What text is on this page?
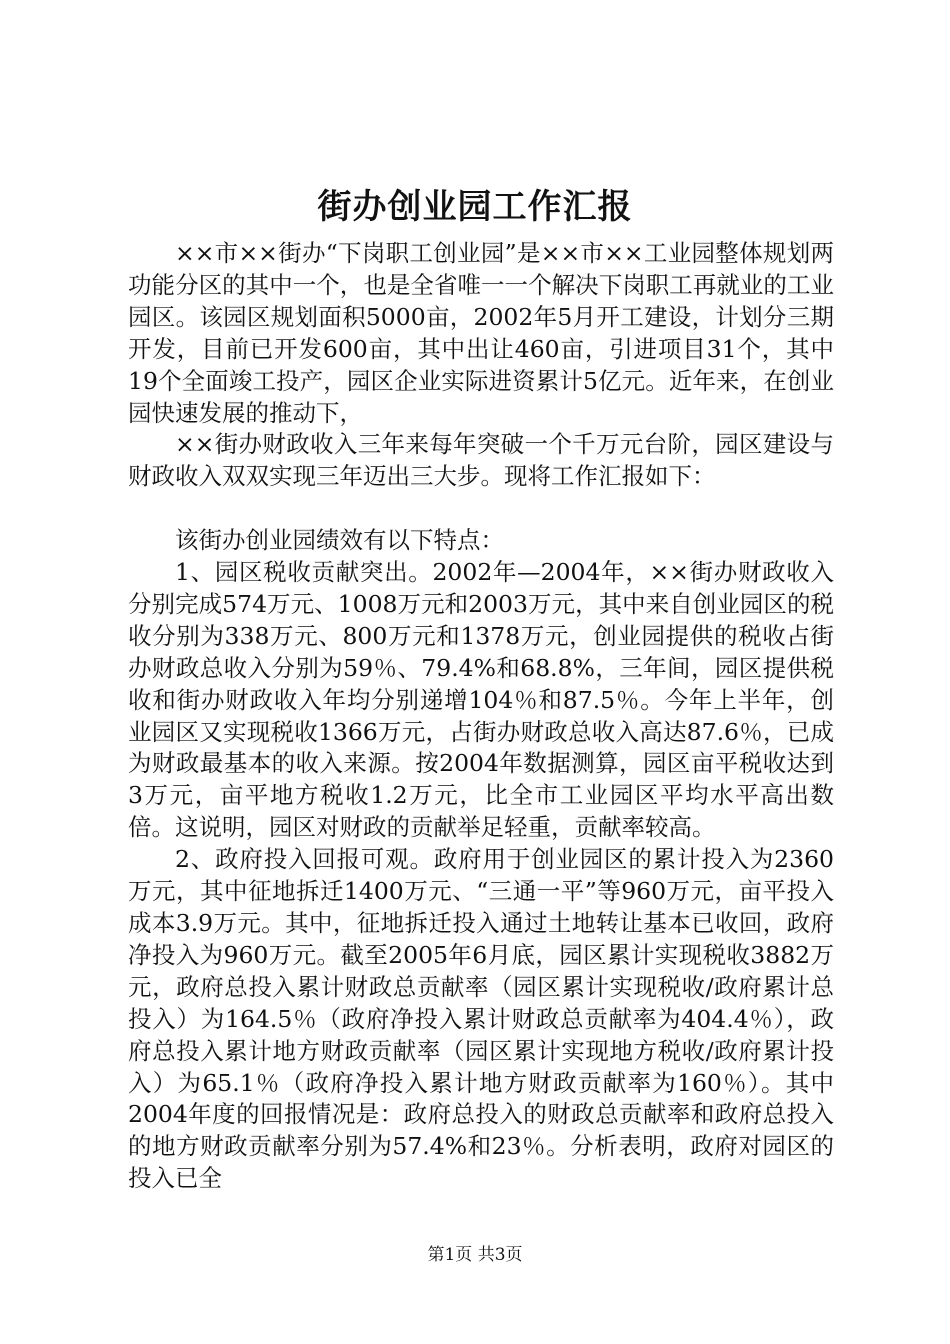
街办创业园工作汇报

××市××街办“下岗职工创业园”是××市××工业园整体规划两功能分区的其中一个，也是全省唯一一个解决下岗职工再就业的工业园区。该园区规划面积5000亩，2002年5月开工建设，计划分三期开发，目前已开发600亩，其中出让460亩，引进项目31个，其中19个全面竣工投产，园区企业实际进资累计5亿元。近年来，在创业园快速发展的推动下，

××街办财政收入三年来每年突破一个千万元台阶，园区建设与财政收入双双实现三年迈出三大步。现将工作汇报如下：

该街办创业园绩效有以下特点：

1、园区税收贡献突出。2002年—2004年，××街办财政收入分别完成574万元、1008万元和2003万元，其中来自创业园区的税收分别为338万元、800万元和1378万元，创业园提供的税收占街办财政总收入分别为59％、79.4%和68.8%，三年间，园区提供税收和街办财政收入年均分别递增104％和87.5％。今年上半年，创业园区又实现税收1366万元，占街办财政总收入高达87.6％，已成为财政最基本的收入来源。按2004年数据测算，园区亩平税收达到3万元，亩平地方税收1.2万元，比全市工业园区平均水平高出数倍。这说明，园区对财政的贡献举足轻重，贡献率较高。

2、政府投入回报可观。政府用于创业园区的累计投入为2360万元，其中征地拆迁1400万元、“三通一平”等960万元，亩平投入成本3.9万元。其中，征地拆迁投入通过土地转让基本已收回，政府净投入为960万元。截至2005年6月底，园区累计实现税收3882万元，政府总投入累计财政总贡献率（园区累计实现税收/政府累计总投入）为164.5％（政府净投入累计财政总贡献率为404.4％），政府总投入累计地方财政贡献率（园区累计实现地方税收/政府累计投入）为65.1％（政府净投入累计地方财政贡献率为160％）。其中2004年度的回报情况是：政府总投入的财政总贡献率和政府总投入的地方财政贡献率分别为57.4%和23％。分析表明，政府对园区的投入已全

第1页 共3页
